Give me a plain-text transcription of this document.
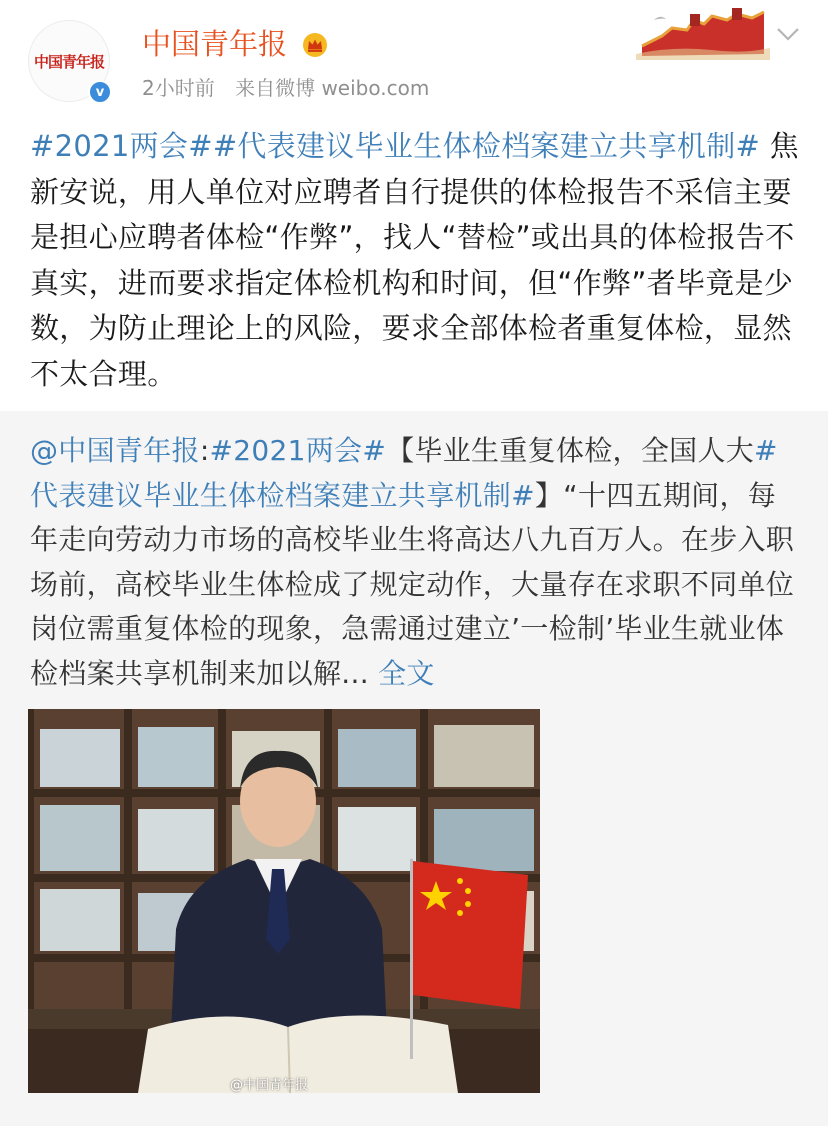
中国青年报
v
中国青年报
2小时前 来自微博 weibo.com
#2021两会##代表建议毕业生体检档案建立共享机制# 焦新安说，用人单位对应聘者自行提供的体检报告不采信主要是担心应聘者体检“作弊”，找人“替检”或出具的体检报告不真实，进而要求指定体检机构和时间，但“作弊”者毕竟是少数，为防止理论上的风险，要求全部体检者重复体检，显然不太合理。
@中国青年报:#2021两会#【毕业生重复体检，全国人大#代表建议毕业生体检档案建立共享机制#】“十四五期间，每年走向劳动力市场的高校毕业生将高达八九百万人。在步入职场前，高校毕业生体检成了规定动作，大量存在求职不同单位岗位需重复体检的现象，急需通过建立’一检制’毕业生就业体检档案共享机制来加以解... 全文
@中国青年报
